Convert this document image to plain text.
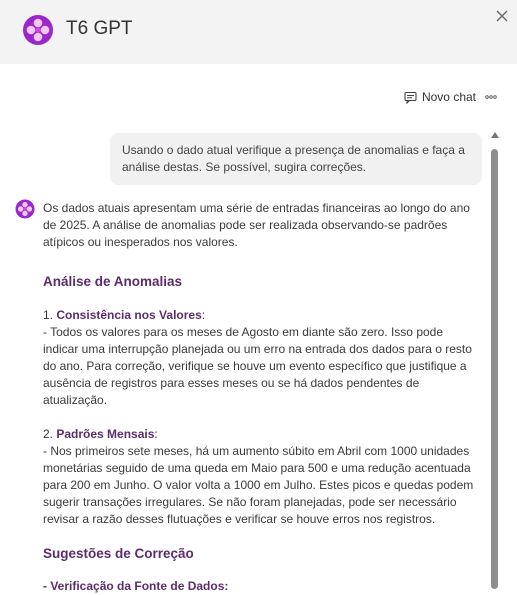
T6 GPT
Novo chat
Usando o dado atual verifique a presença de anomalias e faça a análise destas. Se possível, sugira correções.

Os dados atuais apresentam uma série de entradas financeiras ao longo do ano de 2025. A análise de anomalias pode ser realizada observando-se padrões atípicos ou inesperados nos valores.

Análise de Anomalias

1. Consistência nos Valores:
- Todos os valores para os meses de Agosto em diante são zero. Isso pode indicar uma interrupção planejada ou um erro na entrada dos dados para o resto do ano. Para correção, verifique se houve um evento específico que justifique a ausência de registros para esses meses ou se há dados pendentes de atualização.

2. Padrões Mensais:
- Nos primeiros sete meses, há um aumento súbito em Abril com 1000 unidades monetárias seguido de uma queda em Maio para 500 e uma redução acentuada para 200 em Junho. O valor volta a 1000 em Julho. Estes picos e quedas podem sugerir transações irregulares. Se não foram planejadas, pode ser necessário revisar a razão desses flutuações e verificar se houve erros nos registros.

Sugestões de Correção

- Verificação da Fonte de Dados:
